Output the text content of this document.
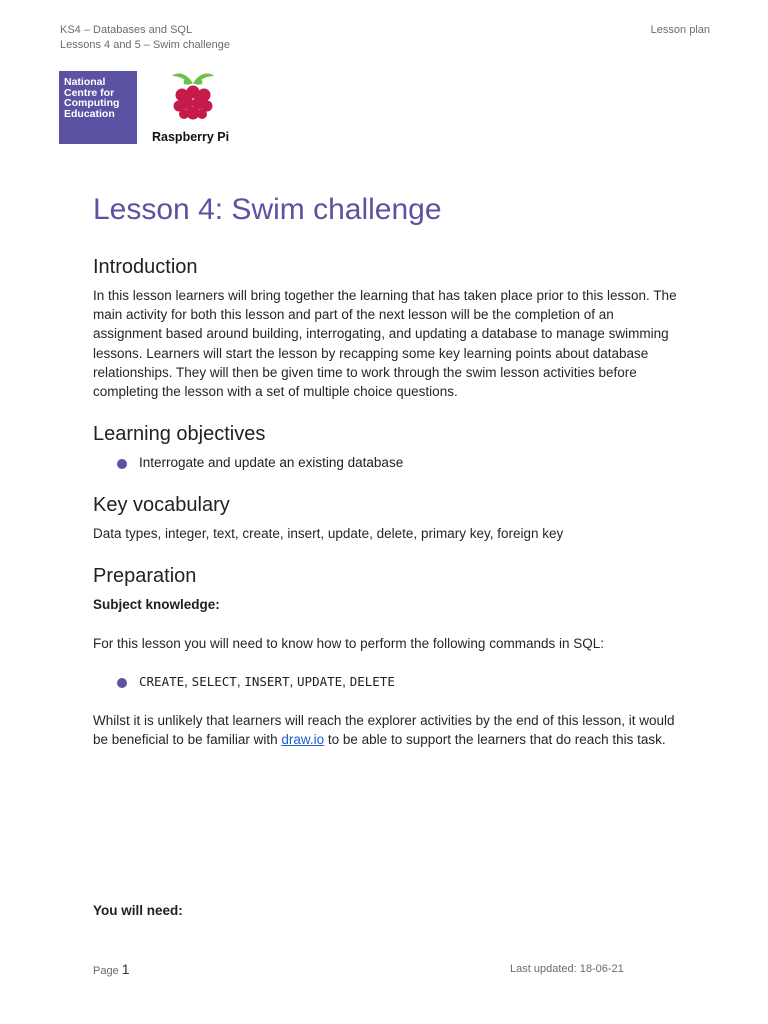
KS4 – Databases and SQL
Lessons 4 and 5 – Swim challenge
Lesson plan
National
Centre for
Computing
Education
Raspberry Pi
Lesson 4: Swim challenge
Introduction

In this lesson learners will bring together the learning that has taken place prior to this lesson. The main activity for both this lesson and part of the next lesson will be the completion of an assignment based around building, interrogating, and updating a database to manage swimming lessons. Learners will start the lesson by recapping some key learning points about database relationships. They will then be given time to work through the swim lesson activities before completing the lesson with a set of multiple choice questions.

Learning objectives
Interrogate and update an existing database
Key vocabulary

Data types, integer, text, create, insert, update, delete, primary key, foreign key

Preparation
Subject knowledge:

For this lesson you will need to know how to perform the following commands in SQL:

CREATE, SELECT, INSERT, UPDATE, DELETE

Whilst it is unlikely that learners will reach the explorer activities by the end of this lesson, it would be beneficial to be familiar with draw.io to be able to support the learners that do reach this task.

You will need:
Page 1	Last updated: 18-06-21
